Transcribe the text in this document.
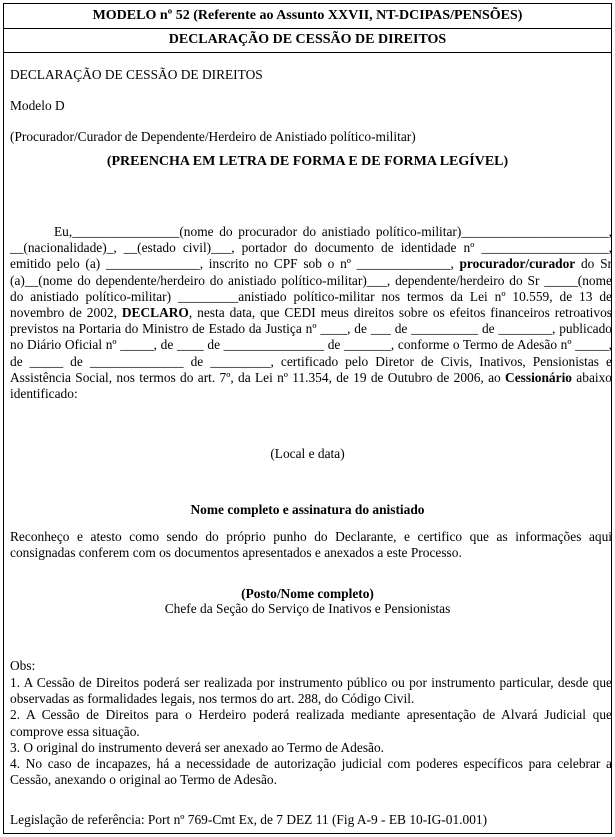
MODELO nº 52 (Referente ao Assunto XXVII, NT-DCIPAS/PENSÕES)
DECLARAÇÃO DE CESSÃO DE DIREITOS
DECLARAÇÃO DE CESSÃO DE DIREITOS
Modelo D
(Procurador/Curador de Dependente/Herdeiro de Anistiado político-militar)
(PREENCHA EM LETRA DE FORMA E DE FORMA LEGÍVEL)

Eu,________________(nome do procurador do anistiado político-militar)______________________, __(nacionalidade)_, __(estado civil)___, portador do documento de identidade nº ___________________, emitido pelo (a) ______________, inscrito no CPF sob o nº ______________, procurador/curador do Sr (a)__(nome do dependente/herdeiro do anistiado político-militar)___, dependente/herdeiro do Sr _____(nome do anistiado político-militar) _________anistiado político-militar nos termos da Lei nº 10.559, de 13 de novembro de 2002, DECLARO, nesta data, que CEDI meus direitos sobre os efeitos financeiros retroativos previstos na Portaria do Ministro de Estado da Justiça nº ____, de ___ de __________ de ________, publicado no Diário Oficial nº _____, de ____ de _______________ de _______, conforme o Termo de Adesão nº _____, de _____ de ______________ de _________, certificado pelo Diretor de Civis, Inativos, Pensionistas e Assistência Social, nos termos do art. 7º, da Lei nº 11.354, de 19 de Outubro de 2006, ao Cessionário abaixo identificado:

(Local e data)
Nome completo e assinatura do anistiado
Reconheço e atesto como sendo do próprio punho do Declarante, e certifico que as informações aqui consignadas conferem com os documentos apresentados e anexados a este Processo.
(Posto/Nome completo)
Chefe da Seção do Serviço de Inativos e Pensionistas
Obs:

1. A Cessão de Direitos poderá ser realizada por instrumento público ou por instrumento particular, desde que observadas as formalidades legais, nos termos do art. 288, do Código Civil.

2. A Cessão de Direitos para o Herdeiro poderá realizada mediante apresentação de Alvará Judicial que comprove essa situação.

3. O original do instrumento deverá ser anexado ao Termo de Adesão.

4. No caso de incapazes, há a necessidade de autorização judicial com poderes específicos para celebrar a Cessão, anexando o original ao Termo de Adesão.

Legislação de referência: Port nº 769-Cmt Ex, de 7 DEZ 11 (Fig A-9 - EB 10-IG-01.001)
